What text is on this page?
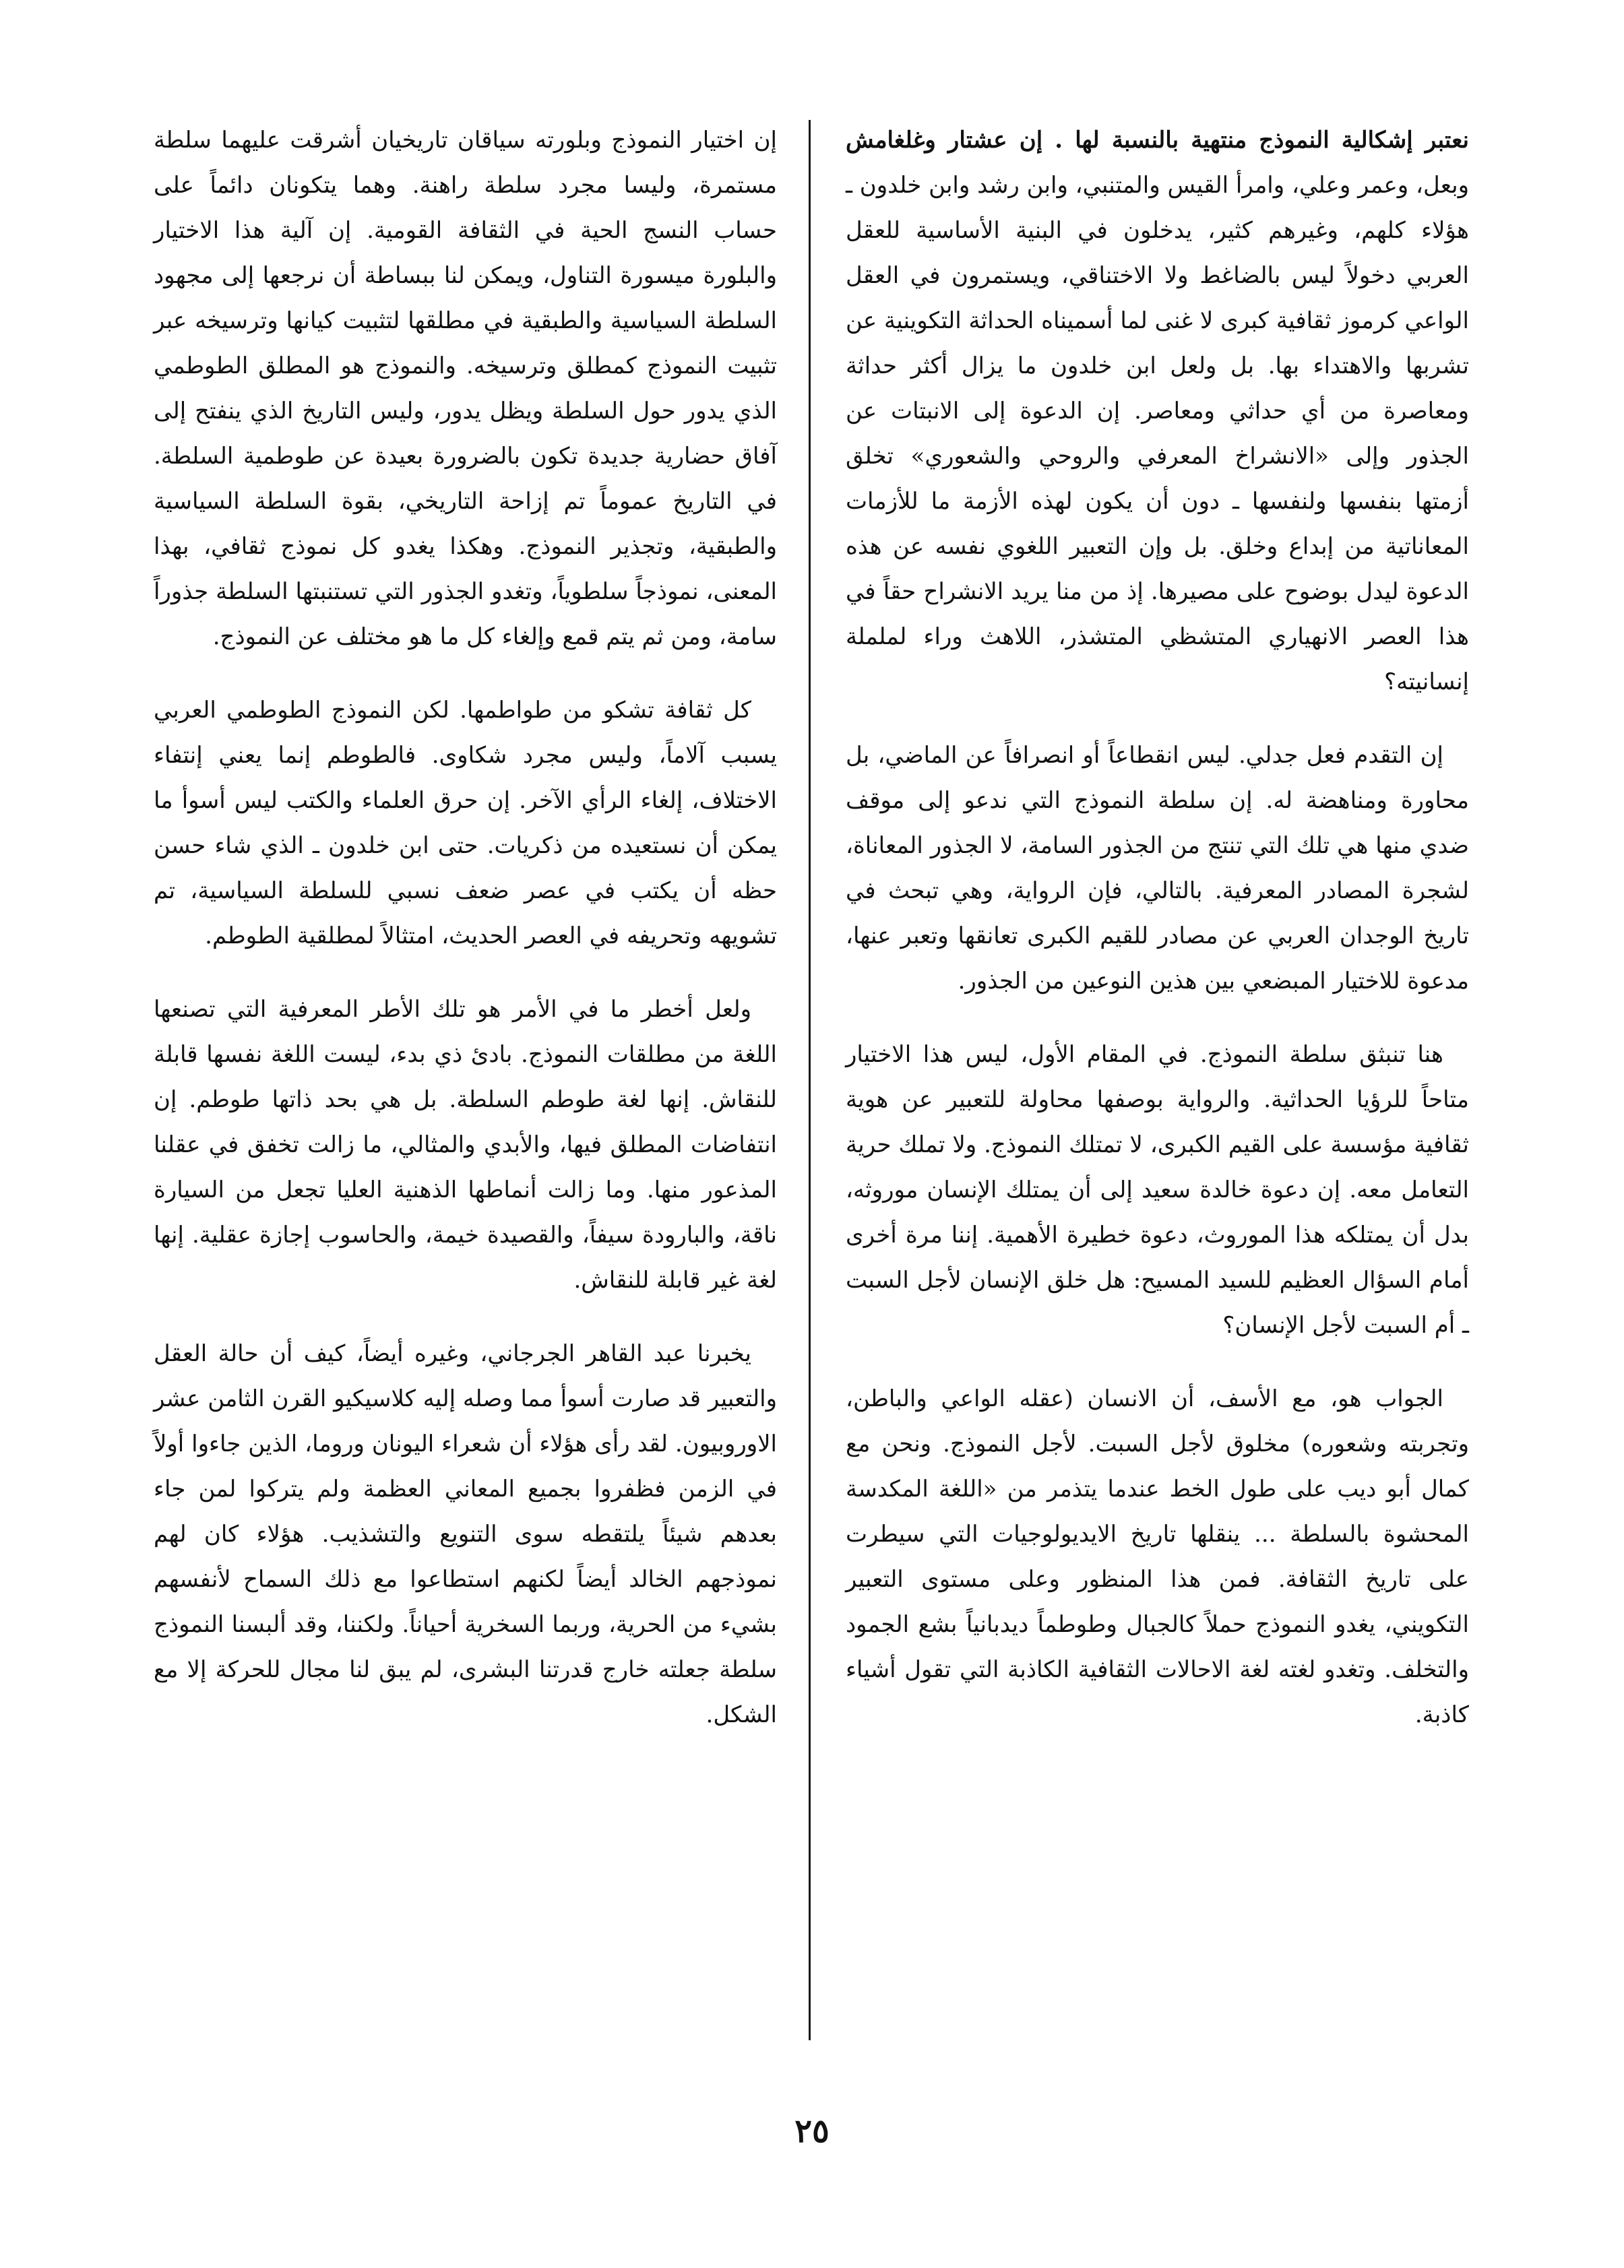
نعتبر إشكالية النموذج منتهية بالنسبة لها . إن عشتار وغلغامش وبعل، وعمر وعلي، وامرأ القيس والمتنبي، وابن رشد وابن خلدون ـ هؤلاء كلهم، وغيرهم كثير، يدخلون في البنية الأساسية للعقل العربي دخولاً ليس بالضاغط ولا الاختناقي، ويستمرون في العقل الواعي كرموز ثقافية كبرى لا غنى لما أسميناه الحداثة التكوينية عن تشربها والاهتداء بها. بل ولعل ابن خلدون ما يزال أكثر حداثة ومعاصرة من أي حداثي ومعاصر. إن الدعوة إلى الانبتات عن الجذور وإلى «الانشراخ المعرفي والروحي والشعوري» تخلق أزمتها بنفسها ولنفسها ـ دون أن يكون لهذه الأزمة ما للأزمات المعاناتية من إبداع وخلق. بل وإن التعبير اللغوي نفسه عن هذه الدعوة ليدل بوضوح على مصيرها. إذ من منا يريد الانشراح حقاً في هذا العصر الانهياري المتشظي المتشذر، اللاهث وراء لململة إنسانيته؟

إن التقدم فعل جدلي. ليس انقطاعاً أو انصرافاً عن الماضي، بل محاورة ومناهضة له. إن سلطة النموذج التي ندعو إلى موقف ضدي منها هي تلك التي تنتج من الجذور السامة، لا الجذور المعاناة، لشجرة المصادر المعرفية. بالتالي، فإن الرواية، وهي تبحث في تاريخ الوجدان العربي عن مصادر للقيم الكبرى تعانقها وتعبر عنها، مدعوة للاختيار المبضعي بين هذين النوعين من الجذور.

هنا تنبثق سلطة النموذج. في المقام الأول، ليس هذا الاختيار متاحاً للرؤيا الحداثية. والرواية بوصفها محاولة للتعبير عن هوية ثقافية مؤسسة على القيم الكبرى، لا تمتلك النموذج. ولا تملك حرية التعامل معه. إن دعوة خالدة سعيد إلى أن يمتلك الإنسان موروثه، بدل أن يمتلكه هذا الموروث، دعوة خطيرة الأهمية. إننا مرة أخرى أمام السؤال العظيم للسيد المسيح: هل خلق الإنسان لأجل السبت ـ أم السبت لأجل الإنسان؟

الجواب هو، مع الأسف، أن الانسان (عقله الواعي والباطن، وتجربته وشعوره) مخلوق لأجل السبت. لأجل النموذج. ونحن مع كمال أبو ديب على طول الخط عندما يتذمر من «اللغة المكدسة المحشوة بالسلطة ... ينقلها تاريخ الايديولوجيات التي سيطرت على تاريخ الثقافة. فمن هذا المنظور وعلى مستوى التعبير التكويني، يغدو النموذج حملاً كالجبال وطوطماً ديدبانياً بشع الجمود والتخلف. وتغدو لغته لغة الاحالات الثقافية الكاذبة التي تقول أشياء كاذبة.

إن اختيار النموذج وبلورته سياقان تاريخيان أشرقت عليهما سلطة مستمرة، وليسا مجرد سلطة راهنة. وهما يتكونان دائماً على حساب النسج الحية في الثقافة القومية. إن آلية هذا الاختيار والبلورة ميسورة التناول، ويمكن لنا ببساطة أن نرجعها إلى مجهود السلطة السياسية والطبقية في مطلقها لتثبيت كيانها وترسيخه عبر تثبيت النموذج كمطلق وترسيخه. والنموذج هو المطلق الطوطمي الذي يدور حول السلطة ويظل يدور، وليس التاريخ الذي ينفتح إلى آفاق حضارية جديدة تكون بالضرورة بعيدة عن طوطمية السلطة. في التاريخ عموماً تم إزاحة التاريخي، بقوة السلطة السياسية والطبقية، وتجذير النموذج. وهكذا يغدو كل نموذج ثقافي، بهذا المعنى، نموذجاً سلطوياً، وتغدو الجذور التي تستنبتها السلطة جذوراً سامة، ومن ثم يتم قمع وإلغاء كل ما هو مختلف عن النموذج.

كل ثقافة تشكو من طواطمها. لكن النموذج الطوطمي العربي يسبب آلاماً، وليس مجرد شكاوى. فالطوطم إنما يعني إنتفاء الاختلاف، إلغاء الرأي الآخر. إن حرق العلماء والكتب ليس أسوأ ما يمكن أن نستعيده من ذكريات. حتى ابن خلدون ـ الذي شاء حسن حظه أن يكتب في عصر ضعف نسبي للسلطة السياسية، تم تشويهه وتحريفه في العصر الحديث، امتثالاً لمطلقية الطوطم.

ولعل أخطر ما في الأمر هو تلك الأطر المعرفية التي تصنعها اللغة من مطلقات النموذج. بادئ ذي بدء، ليست اللغة نفسها قابلة للنقاش. إنها لغة طوطم السلطة. بل هي بحد ذاتها طوطم. إن انتفاضات المطلق فيها، والأبدي والمثالي، ما زالت تخفق في عقلنا المذعور منها. وما زالت أنماطها الذهنية العليا تجعل من السيارة ناقة، والبارودة سيفاً، والقصيدة خيمة، والحاسوب إجازة عقلية. إنها لغة غير قابلة للنقاش.

يخبرنا عبد القاهر الجرجاني، وغيره أيضاً، كيف أن حالة العقل والتعبير قد صارت أسوأ مما وصله إليه كلاسيكيو القرن الثامن عشر الاوروبيون. لقد رأى هؤلاء أن شعراء اليونان وروما، الذين جاءوا أولاً في الزمن فظفروا بجميع المعاني العظمة ولم يتركوا لمن جاء بعدهم شيئاً يلتقطه سوى التنويع والتشذيب. هؤلاء كان لهم نموذجهم الخالد أيضاً لكنهم استطاعوا مع ذلك السماح لأنفسهم بشيء من الحرية، وربما السخرية أحياناً. ولكننا، وقد ألبسنا النموذج سلطة جعلته خارج قدرتنا البشرى، لم يبق لنا مجال للحركة إلا مع الشكل.

٢٥
